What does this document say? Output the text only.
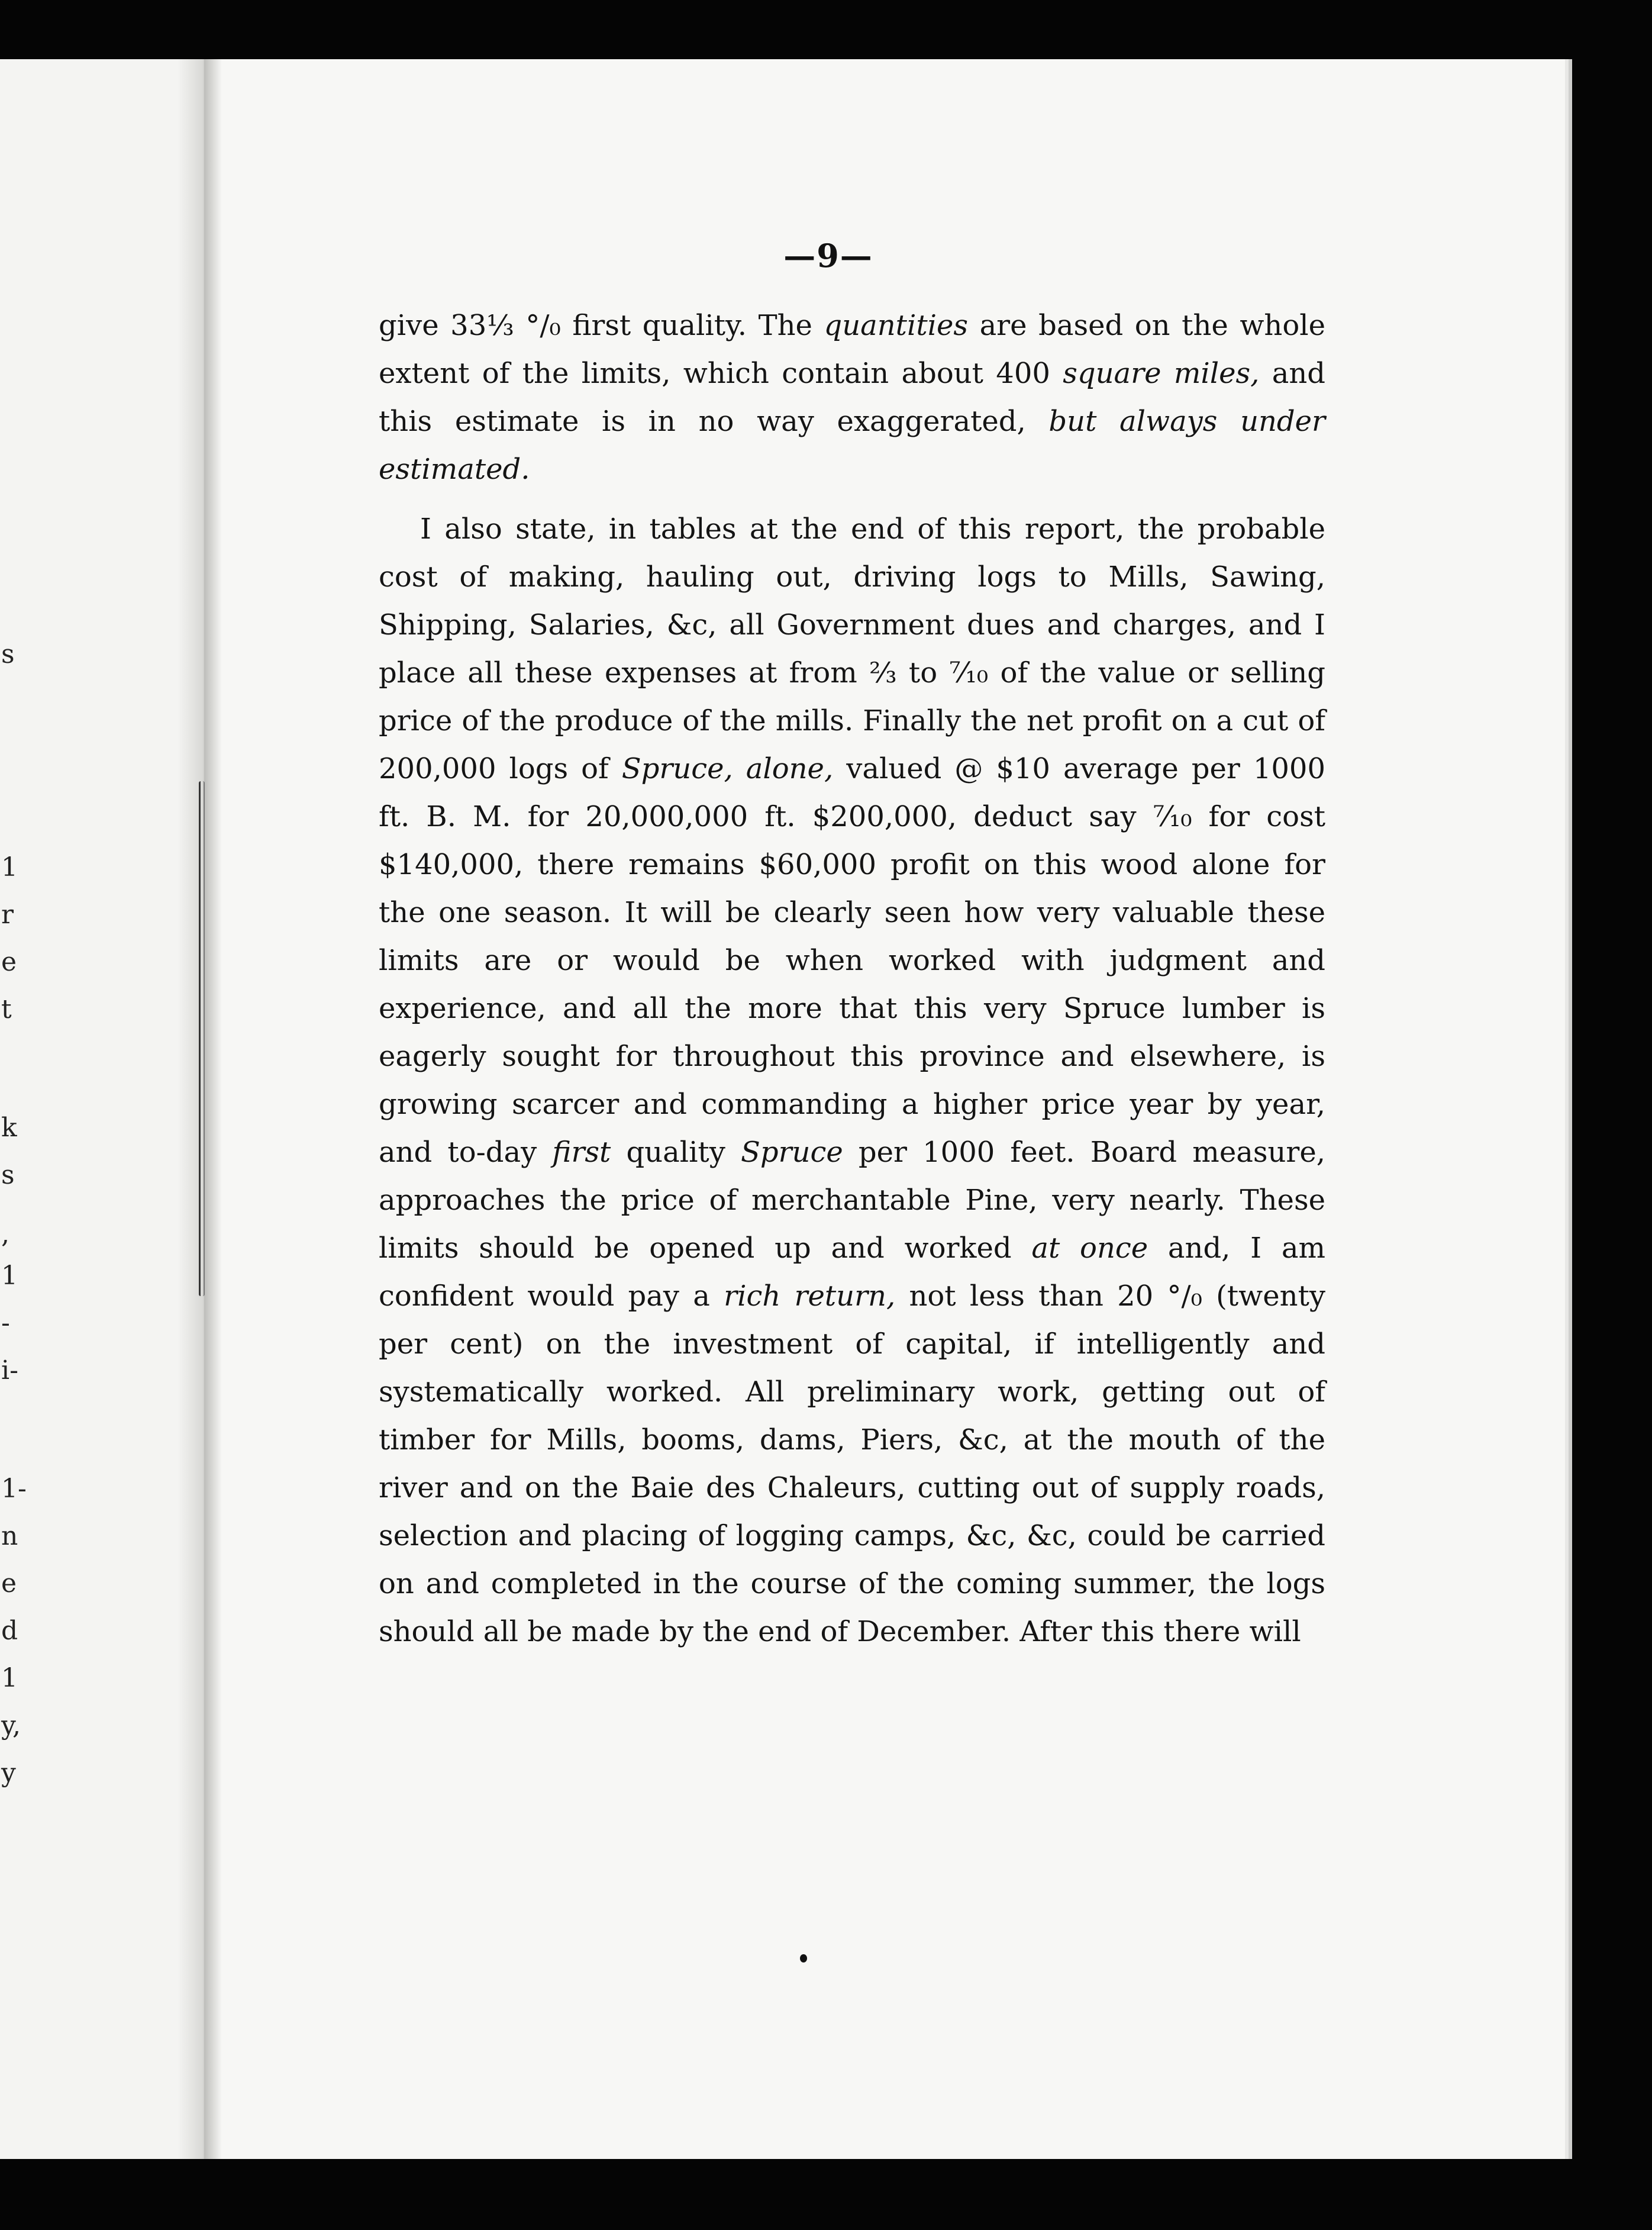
s
1
r
e
t
k
s
,
1
-
i-
1-
n
e
d
1
y,
y
—9—

give 33⅓ °/₀ first quality. The quantities are based on the whole extent of the limits, which contain about 400 square miles, and this estimate is in no way exaggerated, but always under estimated.

I also state, in tables at the end of this report, the probable cost of making, hauling out, driving logs to Mills, Sawing, Shipping, Salaries, &c, all Government dues and charges, and I place all these expenses at from ⅔ to ⁷⁄₁₀ of the value or selling price of the produce of the mills. Finally the net profit on a cut of 200,000 logs of Spruce, alone, valued @ $10 average per 1000 ft. B. M. for 20,000,000 ft. $200,000, deduct say ⁷⁄₁₀ for cost $140,000, there remains $60,000 profit on this wood alone for the one season. It will be clearly seen how very valuable these limits are or would be when worked with judgment and experience, and all the more that this very Spruce lumber is eagerly sought for throughout this province and elsewhere, is growing scarcer and commanding a higher price year by year, and to-day first quality Spruce per 1000 feet. Board measure, approaches the price of merchantable Pine, very nearly. These limits should be opened up and worked at once and, I am confident would pay a rich return, not less than 20 °/₀ (twenty per cent) on the investment of capital, if intelligently and systematically worked. All preliminary work, getting out of timber for Mills, booms, dams, Piers, &c, at the mouth of the river and on the Baie des Chaleurs, cutting out of supply roads, selection and placing of logging camps, &c, &c, could be carried on and completed in the course of the coming summer, the logs should all be made by the end of December. After this there will
